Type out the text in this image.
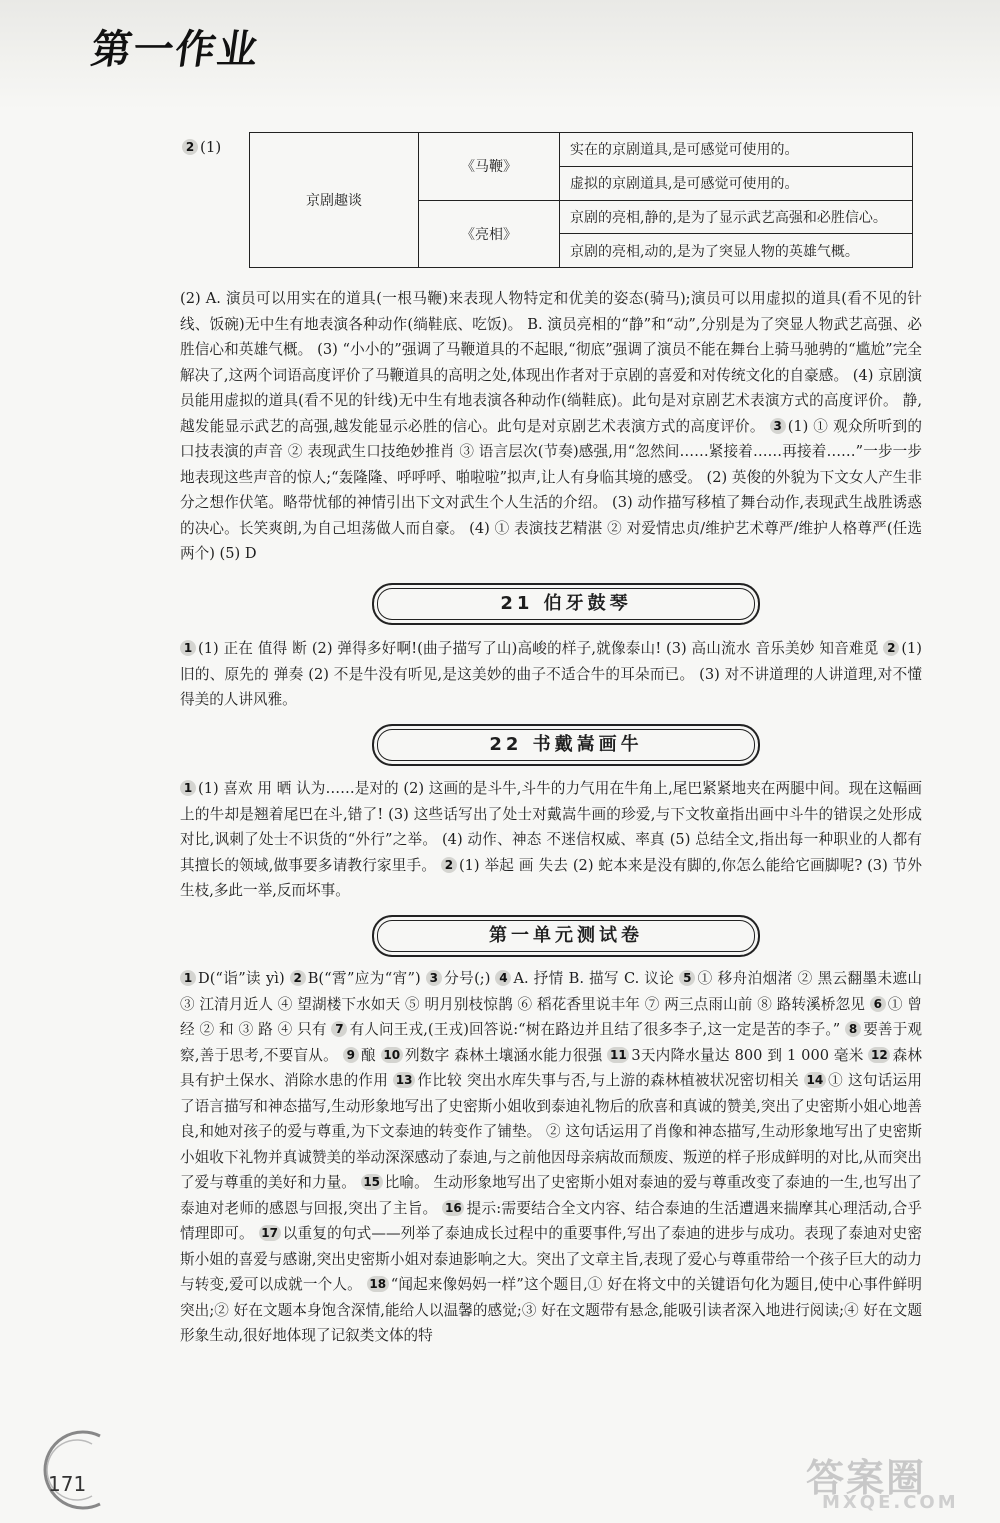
第一作业
2 (1)
京剧趣谈	《马鞭》	实在的京剧道具,是可感觉可使用的。
		虚拟的京剧道具,是可感觉可使用的。
	《亮相》	京剧的亮相,静的,是为了显示武艺高强和必胜信心。
		京剧的亮相,动的,是为了突显人物的英雄气概。
(2) A. 演员可以用实在的道具(一根马鞭)来表现人物特定和优美的姿态(骑马);演员可以用虚拟的道具(看不见的针线、饭碗)无中生有地表演各种动作(绱鞋底、吃饭)。 B. 演员亮相的“静”和“动”,分别是为了突显人物武艺高强、必胜信心和英雄气概。 (3) “小小的”强调了马鞭道具的不起眼,“彻底”强调了演员不能在舞台上骑马驰骋的“尴尬”完全解决了,这两个词语高度评价了马鞭道具的高明之处,体现出作者对于京剧的喜爱和对传统文化的自豪感。 (4) 京剧演员能用虚拟的道具(看不见的针线)无中生有地表演各种动作(绱鞋底)。此句是对京剧艺术表演方式的高度评价。 静,越发能显示武艺的高强,越发能显示必胜的信心。此句是对京剧艺术表演方式的高度评价。 3 (1) ① 观众所听到的口技表演的声音 ② 表现武生口技绝妙推肖 ③ 语言层次(节奏)感强,用“忽然间……紧接着……再接着……”一步一步地表现这些声音的惊人;“轰隆隆、呼呼呼、啪啦啦”拟声,让人有身临其境的感受。 (2) 英俊的外貌为下文女人产生非分之想作伏笔。略带忧郁的神情引出下文对武生个人生活的介绍。 (3) 动作描写移植了舞台动作,表现武生战胜诱惑的决心。长笑爽朗,为自己坦荡做人而自豪。 (4) ① 表演技艺精湛 ② 对爱情忠贞/维护艺术尊严/维护人格尊严(任选两个) (5) D
21 伯牙鼓琴
1 (1) 正在 值得 断 (2) 弹得多好啊!(曲子描写了山)高峻的样子,就像泰山! (3) 高山流水 音乐美妙 知音难觅 2 (1) 旧的、原先的 弹奏 (2) 不是牛没有听见,是这美妙的曲子不适合牛的耳朵而已。 (3) 对不讲道理的人讲道理,对不懂得美的人讲风雅。
22 书戴嵩画牛
1 (1) 喜欢 用 晒 认为……是对的 (2) 这画的是斗牛,斗牛的力气用在牛角上,尾巴紧紧地夹在两腿中间。现在这幅画上的牛却是翘着尾巴在斗,错了! (3) 这些话写出了处士对戴嵩牛画的珍爱,与下文牧童指出画中斗牛的错误之处形成对比,讽刺了处士不识货的“外行”之举。 (4) 动作、神态 不迷信权威、率真 (5) 总结全文,指出每一种职业的人都有其擅长的领域,做事要多请教行家里手。 2 (1) 举起 画 失去 (2) 蛇本来是没有脚的,你怎么能给它画脚呢? (3) 节外生枝,多此一举,反而坏事。
第一单元测试卷
1 D(“诣”读 yì) 2 B(“霄”应为“宵”) 3 分号(;) 4 A. 抒情 B. 描写 C. 议论 5 ① 移舟泊烟渚 ② 黑云翻墨未遮山 ③ 江清月近人 ④ 望湖楼下水如天 ⑤ 明月别枝惊鹊 ⑥ 稻花香里说丰年 ⑦ 两三点雨山前 ⑧ 路转溪桥忽见 6 ① 曾经 ② 和 ③ 路 ④ 只有 7 有人问王戎,(王戎)回答说:“树在路边并且结了很多李子,这一定是苦的李子。” 8 要善于观察,善于思考,不要盲从。 9 酿 10 列数字 森林土壤涵水能力很强 11 3天内降水量达 800 到 1 000 毫米 12 森林具有护土保水、消除水患的作用 13 作比较 突出水库失事与否,与上游的森林植被状况密切相关 14 ① 这句话运用了语言描写和神态描写,生动形象地写出了史密斯小姐收到泰迪礼物后的欣喜和真诚的赞美,突出了史密斯小姐心地善良,和她对孩子的爱与尊重,为下文泰迪的转变作了铺垫。 ② 这句话运用了肖像和神态描写,生动形象地写出了史密斯小姐收下礼物并真诚赞美的举动深深感动了泰迪,与之前他因母亲病故而颓废、叛逆的样子形成鲜明的对比,从而突出了爱与尊重的美好和力量。 15 比喻。 生动形象地写出了史密斯小姐对泰迪的爱与尊重改变了泰迪的一生,也写出了泰迪对老师的感恩与回报,突出了主旨。 16 提示:需要结合全文内容、结合泰迪的生活遭遇来揣摩其心理活动,合乎情理即可。 17 以重复的句式——列举了泰迪成长过程中的重要事件,写出了泰迪的进步与成功。表现了泰迪对史密斯小姐的喜爱与感谢,突出史密斯小姐对泰迪影响之大。突出了文章主旨,表现了爱心与尊重带给一个孩子巨大的动力与转变,爱可以成就一个人。 18 “闻起来像妈妈一样”这个题目,① 好在将文中的关键语句化为题目,使中心事件鲜明突出;② 好在文题本身饱含深情,能给人以温馨的感觉;③ 好在文题带有悬念,能吸引读者深入地进行阅读;④ 好在文题形象生动,很好地体现了记叙类文体的特
171	答案圈
MXQE.COM
